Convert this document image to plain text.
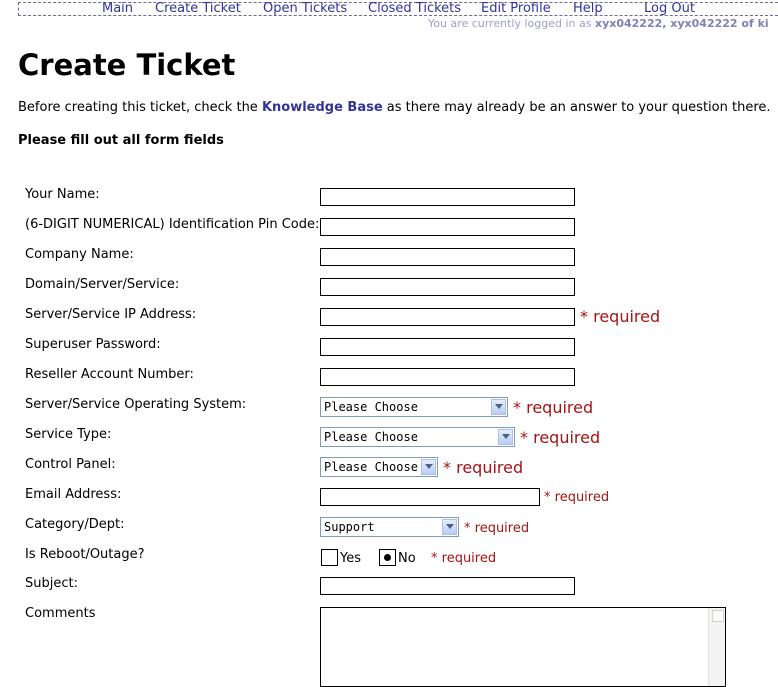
Main Create Ticket Open Tickets Closed Tickets Edit Profile Help	Log Out
You are currently logged in as xyx042222, xyx042222 of ki
Create Ticket
Before creating this ticket, check the Knowledge Base as there may already be an answer to your question there.
Please fill out all form fields
Your Name:
(6-DIGIT NUMERICAL) Identification Pin Code:
Company Name:
Domain/Server/Service:
Server/Service IP Address:	* required
Superuser Password:
Reseller Account Number:
Server/Service Operating System:	Please Choose	* required
Service Type:	Please Choose	* required
Control Panel:	Please Choose * required
Email Address:	* required
Category/Dept:	Support	* required
Is Reboot/Outage?	Yes	No * required
Subject:
Comments
